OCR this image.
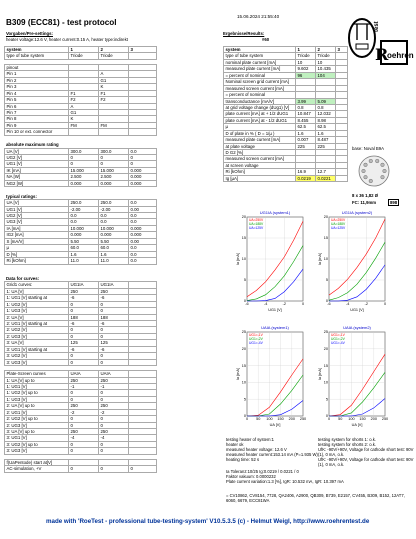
B309 (ECC81) - test protocol
15.06.2024 21:55:40
Vorgaben/Pre-settings:
heater voltage:12.6 V, heater current:0.15 A, heater type:indirekt
Ergebnisse/Results:
#60
R
oehren
test
system	1	2	3
type of tube system	Triode	Triode	

pinout			
Pin 1		A	
Pin 2		G1	
Pin 3		K	
Pin 4	F1	F1	
Pin 5	F2	F2	
Pin 6	A		
Pin 7	G1		
Pin 8	K		
Pin 9	FM	FM	
Pin 10 or ext. connector			

absolute maximum rating			
UA [V]	300.0	300.0	0.0
UG2 [V]	0	0	0
UG1 [V]	0	0	0
IK [mA]	15.000	15.000	0.000
NA [W]	2.500	2.500	0.000
NG2 [W]	0.000	0.000	0.000

typical ratings:			
UA [V]	250.0	250.0	0.0
UG1 [V]	-2.00	-2.00	0.00
UG2 [V]	0.0	0.0	0.0
UG3 [V]	0.0	0.0	0.0
IA [mA]	10.000	10.000	0.000
IG2 [mA]	0.000	0.000	0.000
S [mA/V]	5.50	5.50	0.00
µ	60.0	60.0	0.0
D [%]	1.6	1.6	0.0
Ri [kOhm]	11.0	11.0	0.0

Data for curves:			
Grid1 curves:	UG1IA	UG1IA	
1: UA [V]	250	250	
1: UG1 [V] starting at	-6	-6	
1: UG2 [V]	0	0	
1: UG3 [V]	0	0	
2: UA [V]	188	188	
2: UG1 [V] starting at	-6	-6	
2: UG2 [V]	0	0	
2: UG3 [V]	0	0	
3: UA [V]	125	125	
3: UG1 [V] starting at	-6	-6	
3: UG2 [V]	0	0	
3: UG3 [V]	0	0	

Plate-Screen curves	UAIA	UAIA	
1: UA [V] up to	250	250	
1: UG1 [V]	-1	-1	
1: UG2 [V] up to	0	0	
1: UG3 [V]	0	0	
2: UA [V] up to	250	250	
2: UG1 [V]	-2	-2	
2: UG2 [V] up to	0	0	
2: UG3 [V]	0	0	
3: UA [V] up to	250	250	
3: UG1 [V]	-4	-4	
3: UG2 [V] up to	0	0	
3: UG3 [V]	0	0	

f(UaPentode) start at[V]			
AC-simulation, +V	0	0	0
system	1	2	3
type of tube system	Triode	Triode	
nominal plate current [mA]	10	10	
measured plate current [mA]	9.602	10.435	
= percent of nominal	96	104	
Nominal screen grid current [mA]			
measured screen current [mA]			
= percent of nominal			
transconductance [mA/V]	3.99	5.09	
at grid voltage change (dUg1) [V]	0.8	0.8	
plate current [mA] at + 1/2 dUG1	10.847	12.032	
plate current [mA] at - 1/2 dUG1	8.455	8.98	
µ	62.5	62.5	
D of plate in % ( D = 1/µ )	1.6	1.6	
measured plate current [mA]	0.007	8.487	
at plate voltage	225	225	
D G2 [%]			
measured screen current [mA]			
at screen voltage			
Ri [kOhm]	16.9	12.7	
Ig [µA]	0.0219	0.0221	
base: Noval B9A
8 x 36 1,82 Ø
FC: 11,9mm	898
UG1IA (system1)
0
5
10
15
20
-6	-4	-2	0
UG1 [V]
Ia [mA]
UA=250V
UA=188V
UA=125V
UG1IA (system2)
0
5
10
15
20
-6	-4	-2	0
UG1 [V]
Ia [mA]
UA=250V
UA=188V
UA=125V
UAIA (system1)
0
5
10
15
20
25
0 50 100 150 200 250
UA [V]
Ia [mA]
UG1=-1V
UG1=-2V
UG1=-4V
UAIA (system2)
0
5
10
15
20
25
0 50 100 150 200 250
UA [V]
Ia [mA]
UG1=-1V
UG1=-2V
UG1=-4V
testing heater of system:1
heater ok
measured heater voltage: 12.6 V
measured heater current:153.14 mA (P=1.935 W)
heating time: 52 s
testing system for shorts 1: o.k.
testing system for shorts 2: o.k.
UfK: -90V/+90V, Voltage for cathode short test: 90V (1), 0 mA, o.k.
UfK: -90V/+90V, Voltage for cathode short test: 90V (1), 0 mA, o.k.
Ia Toleranz:10/25 Ig:0.0219 / 0.0221 / 0
Faktor vakuum: 0.0000232
Plate current variation:1.3 [%], IgR: 10.532 mA, IgR: 10.397 mA
= CV10862, CV8154, 7728, QA2406, A2900, QB309, B739, E2157, CV455, B309, B152, 12AT7, 6060, 6679, ECC81WA
made with 'RoeTest - professional tube-testing-system' V10.5.3.5 (c) - Helmut Weigl, http://www.roehrentest.de
